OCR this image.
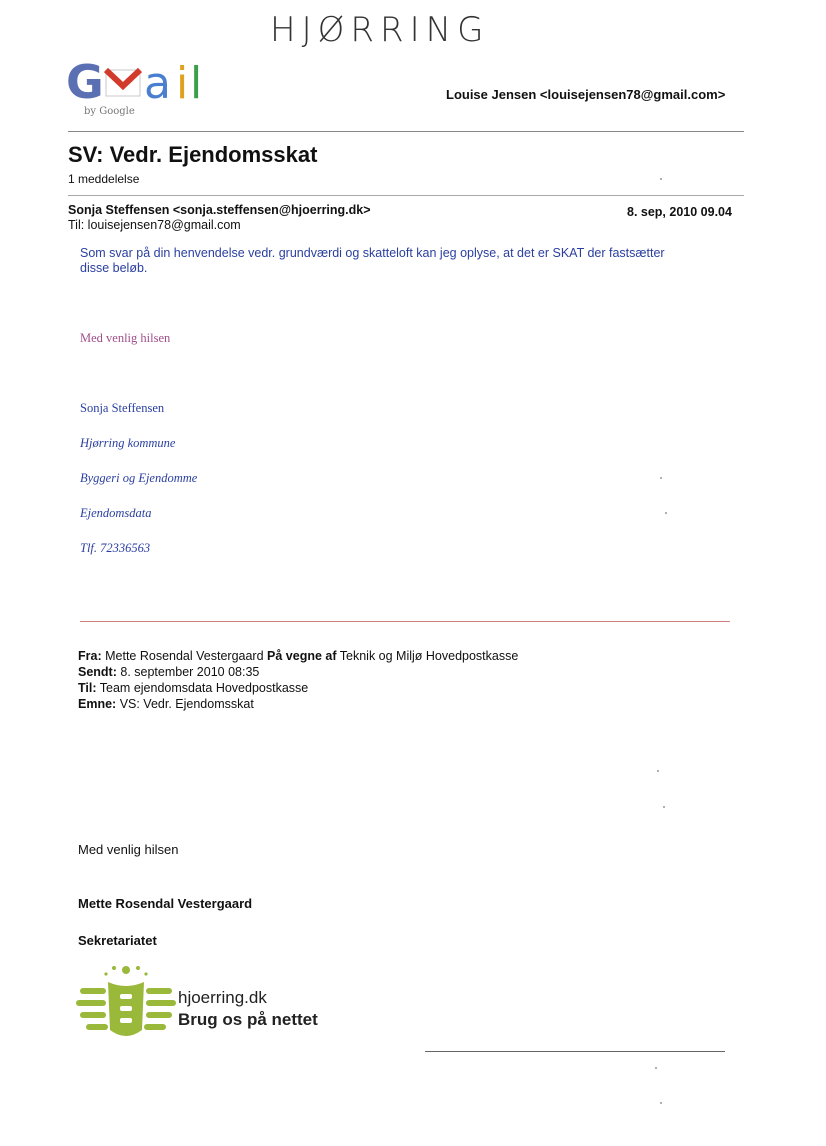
HJØRRING
G a i l
by Google
Louise Jensen <louisejensen78@gmail.com>
SV: Vedr. Ejendomsskat
1 meddelelse
Sonja Steffensen <sonja.steffensen@hjoerring.dk>	8. sep, 2010 09.04
Til: louisejensen78@gmail.com
Som svar på din henvendelse vedr. grundværdi og skatteloft kan jeg oplyse, at det er SKAT der fastsætter disse beløb.
Med venlig hilsen
Sonja Steffensen
Hjørring kommune
Byggeri og Ejendomme
Ejendomsdata
Tlf. 72336563
Fra: Mette Rosendal Vestergaard På vegne af Teknik og Miljø Hovedpostkasse
Sendt: 8. september 2010 08:35
Til: Team ejendomsdata Hovedpostkasse
Emne: VS: Vedr. Ejendomsskat
Med venlig hilsen
Mette Rosendal Vestergaard
Sekretariatet
hjoerring.dk
Brug os på nettet
